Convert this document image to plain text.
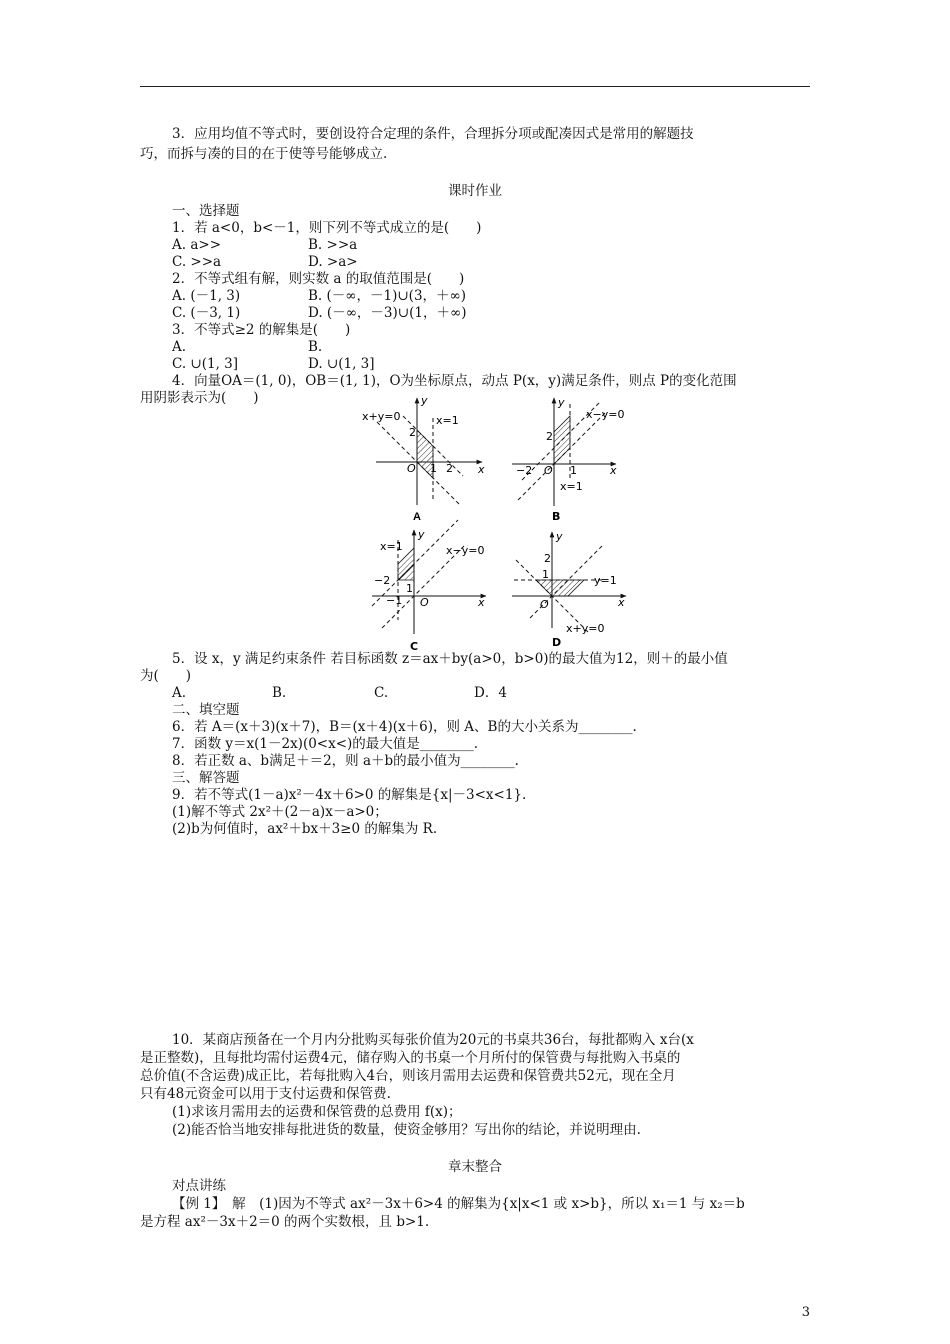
3．应用均值不等式时，要创设符合定理的条件，合理拆分项或配凑因式是常用的解题技
巧，而拆与凑的目的在于使等号能够成立.
课时作业
一、选择题
1．若 a<0，b<－1，则下列不等式成立的是(　　)
A. a>>	B. >>a
C. >>a	D. >a>
2．不等式组有解，则实数 a 的取值范围是(　　)
A. (－1, 3)	B. (－∞，－1)∪(3，＋∞)
C. (－3, 1)	D. (－∞，－3)∪(1，＋∞)
3．不等式≥2 的解集是(　　)
A.	B.
C. ∪(1, 3]	D. ∪(1, 3]
4．向量OA＝(1, 0)，OB＝(1, 1)，O为坐标原点，动点 P(x，y)满足条件，则点 P的变化范围
用阴影表示为(　　)
x+y=0	x=1
2
O 1 2 x
y
A
x−y=0
2
−2 O 1
x=1
x
y
B
x=1	x−y=0
−2
−1
1
O	x
y
C
2
1	y=1
O	x
y
x+y=0
D
5．设 x，y 满足约束条件 若目标函数 z＝ax＋by(a>0，b>0)的最大值为12，则＋的最小值
为(　　)
A.	B.	C.	D．4
二、填空题
6．若 A＝(x＋3)(x＋7)，B＝(x＋4)(x＋6)，则 A、B的大小关系为________.
7．函数 y＝x(1－2x)(0<x<)的最大值是________.
8．若正数 a、b满足＋＝2，则 a＋b的最小值为________.
三、解答题
9．若不等式(1－a)x²－4x＋6>0 的解集是{x|－3<x<1}.
(1)解不等式 2x²＋(2－a)x－a>0；
(2)b为何值时，ax²＋bx＋3≥0 的解集为 R.
10．某商店预备在一个月内分批购买每张价值为20元的书桌共36台，每批都购入 x台(x
是正整数)，且每批均需付运费4元，储存购入的书桌一个月所付的保管费与每批购入书桌的
总价值(不含运费)成正比，若每批购入4台，则该月需用去运费和保管费共52元，现在全月
只有48元资金可以用于支付运费和保管费.
(1)求该月需用去的运费和保管费的总费用 f(x)；
(2)能否恰当地安排每批进货的数量，使资金够用？写出你的结论，并说明理由.
章末整合
对点讲练
【例 1】　解　(1)因为不等式 ax²－3x＋6>4 的解集为{x|x<1 或 x>b}，所以 x₁＝1 与 x₂＝b
是方程 ax²－3x＋2＝0 的两个实数根，且 b>1.
3
